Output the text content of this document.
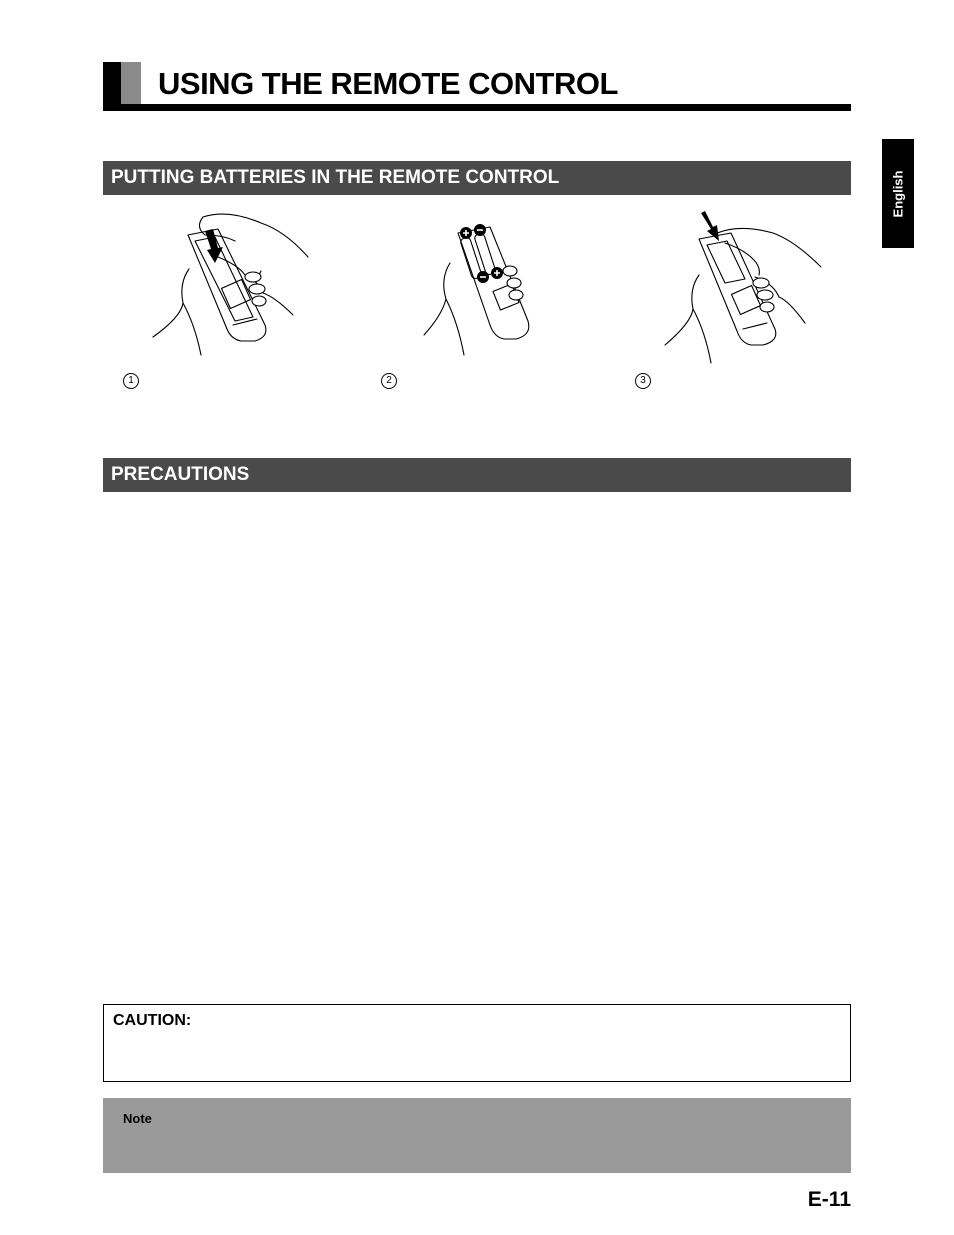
USING THE REMOTE CONTROL
English
PUTTING BATTERIES IN THE REMOTE CONTROL
1	2	3
PRECAUTIONS
CAUTION:
Note
E-11
